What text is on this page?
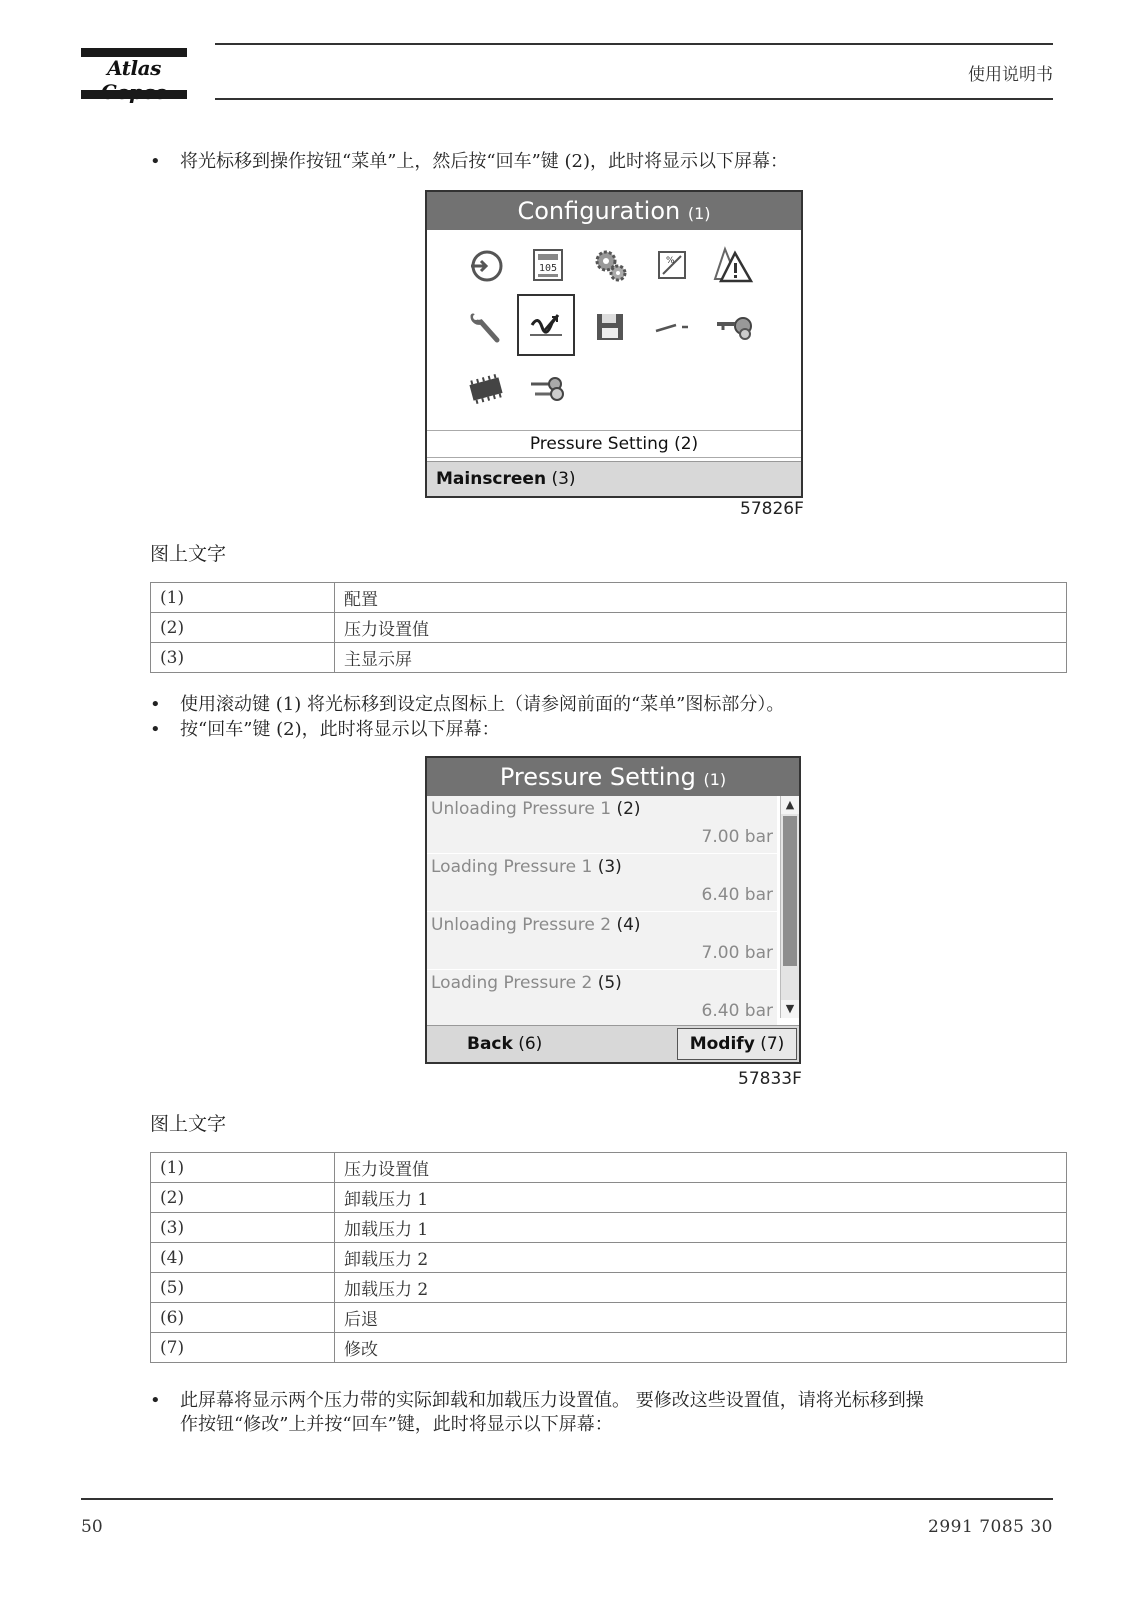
Atlas	使用说明书
• 将光标移到操作按钮“菜单”上，然后按“回车”键 (2)，此时将显示以下屏幕：
Configuration (1)
105
%
Pressure Setting (2)
Mainscreen (3)
57826F
图上文字
(1)	配置
(2)	压力设置值
(3)	主显示屏
• 使用滚动键 (1) 将光标移到设定点图标上（请参阅前面的“菜单”图标部分）。
• 按“回车”键 (2)，此时将显示以下屏幕：
Pressure Setting (1)
Unloading Pressure 1 (2)
7.00 bar
Loading Pressure 1 (3)
6.40 bar
Unloading Pressure 2 (4)
7.00 bar
Loading Pressure 2 (5)
6.40 bar
▲
▼
Back (6)	Modify (7)
57833F
图上文字
(1)	压力设置值
(2)	卸载压力 1
(3)	加载压力 1
(4)	卸载压力 2
(5)	加载压力 2
(6)	后退
(7)	修改
• 此屏幕将显示两个压力带的实际卸载和加载压力设置值。 要修改这些设置值，请将光标移到操
作按钮“修改”上并按“回车”键，此时将显示以下屏幕：
50	2991 7085 30
